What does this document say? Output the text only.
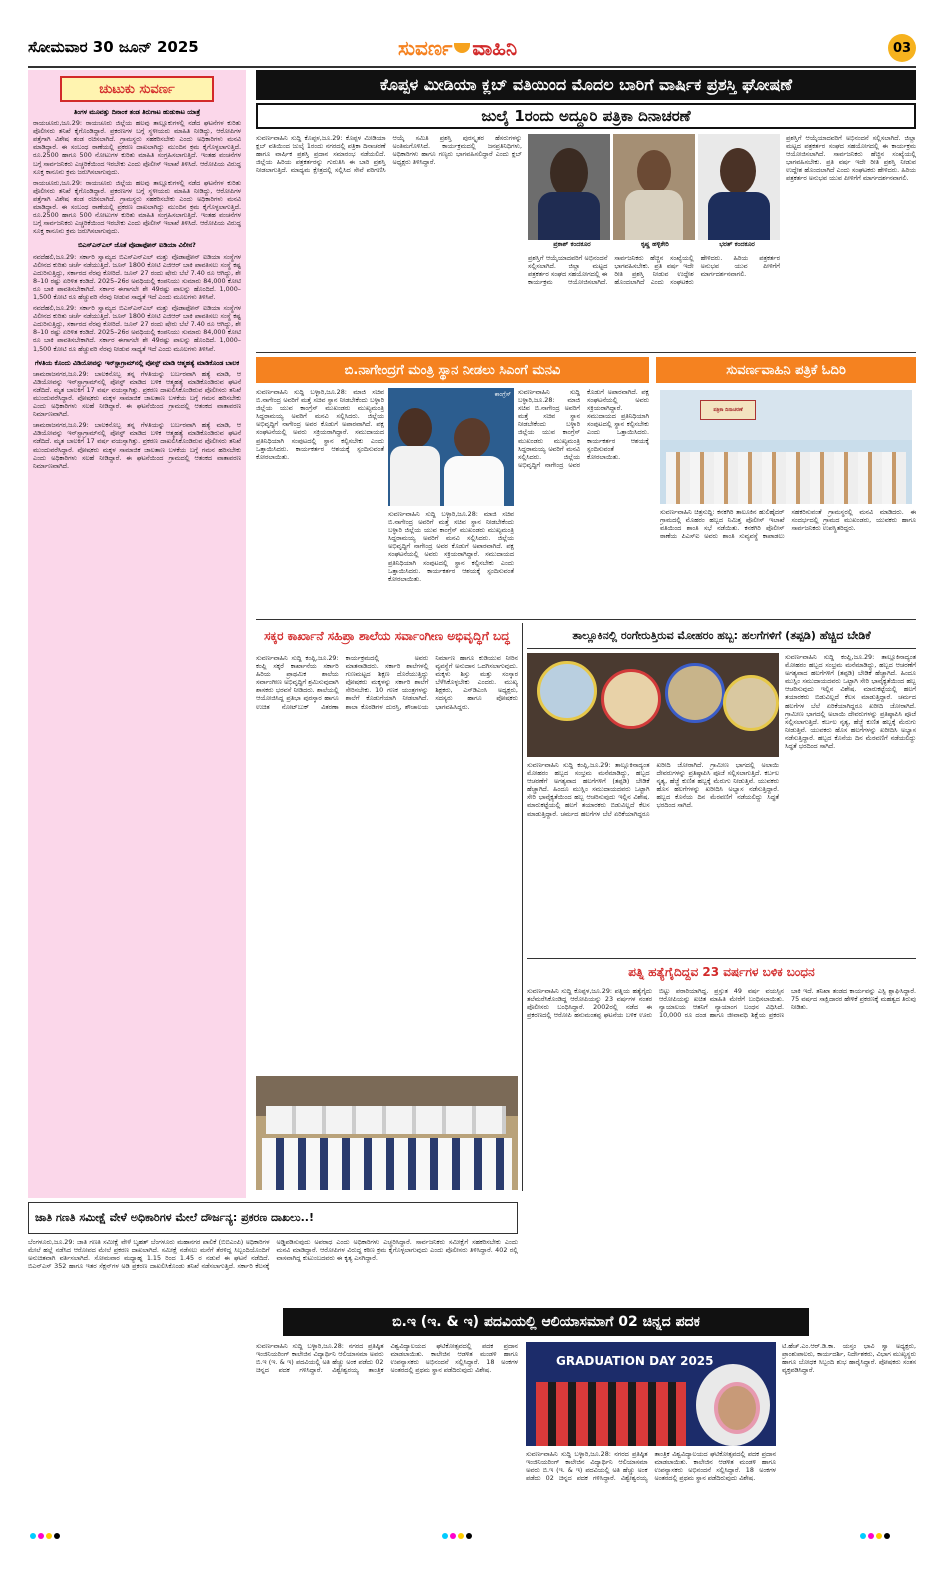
ಸೋಮವಾರ 30 ಜೂನ್ 2025	ಸುವರ್ಣ ವಾಹಿನಿ	03
ಚುಟುಕು ಸುವರ್ಣ

ತಿಂಗಳ ಮೂವತ್ತು ದಿನಾಂಕ ತಂಡ ತಿರುಗಾಟ ಹುಡುಕಾಟ ಯಾತ್ರೆ

ರಾಯಚೂರು,ಜೂ.29: ರಾಯಚೂರು ಜಿಲ್ಲೆಯ ಹಲವು ತಾಲ್ಲೂಕುಗಳಲ್ಲಿ ನಡೆದ ಘಟನೆಗಳ ಕುರಿತು ಪೊಲೀಸರು ತನಿಖೆ ಕೈಗೊಂಡಿದ್ದಾರೆ. ಪ್ರಕರಣಗಳ ಬಗ್ಗೆ ಸ್ಥಳೀಯರು ಮಾಹಿತಿ ನೀಡಿದ್ದು, ಆರೋಪಿಗಳ ಪತ್ತೆಗಾಗಿ ವಿಶೇಷ ತಂಡ ರಚಿಸಲಾಗಿದೆ. ಗ್ರಾಮಸ್ಥರು ಸಹಕರಿಸಬೇಕು ಎಂದು ಅಧಿಕಾರಿಗಳು ಮನವಿ ಮಾಡಿದ್ದಾರೆ. ಈ ಸಂಬಂಧ ಠಾಣೆಯಲ್ಲಿ ಪ್ರಕರಣ ದಾಖಲಾಗಿದ್ದು ಮುಂದಿನ ಕ್ರಮ ಕೈಗೊಳ್ಳಲಾಗುತ್ತಿದೆ. ರೂ.2500 ಹಾಗೂ 500 ನೋಟುಗಳ ಕುರಿತು ಮಾಹಿತಿ ಸಂಗ್ರಹಿಸಲಾಗುತ್ತಿದೆ. ಇಂತಹ ವಂಚನೆಗಳ ಬಗ್ಗೆ ಸಾರ್ವಜನಿಕರು ಎಚ್ಚರಿಕೆಯಿಂದ ಇರಬೇಕು ಎಂದು ಪೊಲೀಸ್ ಇಲಾಖೆ ತಿಳಿಸಿದೆ. ಆರೋಪಿಯ ವಿರುದ್ಧ ಸೂಕ್ತ ಕಾನೂನು ಕ್ರಮ ಜರುಗಿಸಲಾಗುವುದು.

ರಾಯಚೂರು,ಜೂ.29: ರಾಯಚೂರು ಜಿಲ್ಲೆಯ ಹಲವು ತಾಲ್ಲೂಕುಗಳಲ್ಲಿ ನಡೆದ ಘಟನೆಗಳ ಕುರಿತು ಪೊಲೀಸರು ತನಿಖೆ ಕೈಗೊಂಡಿದ್ದಾರೆ. ಪ್ರಕರಣಗಳ ಬಗ್ಗೆ ಸ್ಥಳೀಯರು ಮಾಹಿತಿ ನೀಡಿದ್ದು, ಆರೋಪಿಗಳ ಪತ್ತೆಗಾಗಿ ವಿಶೇಷ ತಂಡ ರಚಿಸಲಾಗಿದೆ. ಗ್ರಾಮಸ್ಥರು ಸಹಕರಿಸಬೇಕು ಎಂದು ಅಧಿಕಾರಿಗಳು ಮನವಿ ಮಾಡಿದ್ದಾರೆ. ಈ ಸಂಬಂಧ ಠಾಣೆಯಲ್ಲಿ ಪ್ರಕರಣ ದಾಖಲಾಗಿದ್ದು ಮುಂದಿನ ಕ್ರಮ ಕೈಗೊಳ್ಳಲಾಗುತ್ತಿದೆ. ರೂ.2500 ಹಾಗೂ 500 ನೋಟುಗಳ ಕುರಿತು ಮಾಹಿತಿ ಸಂಗ್ರಹಿಸಲಾಗುತ್ತಿದೆ. ಇಂತಹ ವಂಚನೆಗಳ ಬಗ್ಗೆ ಸಾರ್ವಜನಿಕರು ಎಚ್ಚರಿಕೆಯಿಂದ ಇರಬೇಕು ಎಂದು ಪೊಲೀಸ್ ಇಲಾಖೆ ತಿಳಿಸಿದೆ. ಆರೋಪಿಯ ವಿರುದ್ಧ ಸೂಕ್ತ ಕಾನೂನು ಕ್ರಮ ಜರುಗಿಸಲಾಗುವುದು.

ಬಿಎಸ್‌ಎನ್‌ಎಲ್ ಜೊತೆ ವೊಡಾಫೋನ್ ಐಡಿಯಾ ವಿಲೀನ?

ನವದೆಹಲಿ,ಜೂ.29: ಸರ್ಕಾರಿ ಸ್ವಾಮ್ಯದ ಬಿಎಸ್‌ಎನ್‌ಎಲ್ ಮತ್ತು ವೊಡಾಫೋನ್ ಐಡಿಯಾ ಸಂಸ್ಥೆಗಳ ವಿಲೀನದ ಕುರಿತು ಚರ್ಚೆ ನಡೆಯುತ್ತಿದೆ. ಜೂನ್ 1800 ಕೋಟಿ ಎಜಿಆರ್ ಬಾಕಿ ಪಾವತಿಸಲು ಸಂಸ್ಥೆ ಕಷ್ಟ ಎದುರಿಸುತ್ತಿದ್ದು, ಸರ್ಕಾರದ ನೆರವು ಕೋರಿದೆ. ಜೂನ್ 27 ರಂದು ಷೇರು ಬೆಲೆ 7.40 ರೂ ಆಗಿದ್ದು, ಶೇ 8–10 ರಷ್ಟು ಏರಿಳಿತ ಕಂಡಿದೆ. 2025–26ರ ಅವಧಿಯಲ್ಲಿ ಕಂಪನಿಯು ಸುಮಾರು 84,000 ಕೋಟಿ ರೂ ಬಾಕಿ ಪಾವತಿಸಬೇಕಾಗಿದೆ. ಸರ್ಕಾರ ಈಗಾಗಲೇ ಶೇ 49ರಷ್ಟು ಪಾಲನ್ನು ಹೊಂದಿದೆ. 1,000–1,500 ಕೋಟಿ ರೂ ಹೆಚ್ಚುವರಿ ನೆರವು ನೀಡುವ ಸಾಧ್ಯತೆ ಇದೆ ಎಂದು ಮೂಲಗಳು ತಿಳಿಸಿವೆ.

ನವದೆಹಲಿ,ಜೂ.29: ಸರ್ಕಾರಿ ಸ್ವಾಮ್ಯದ ಬಿಎಸ್‌ಎನ್‌ಎಲ್ ಮತ್ತು ವೊಡಾಫೋನ್ ಐಡಿಯಾ ಸಂಸ್ಥೆಗಳ ವಿಲೀನದ ಕುರಿತು ಚರ್ಚೆ ನಡೆಯುತ್ತಿದೆ. ಜೂನ್ 1800 ಕೋಟಿ ಎಜಿಆರ್ ಬಾಕಿ ಪಾವತಿಸಲು ಸಂಸ್ಥೆ ಕಷ್ಟ ಎದುರಿಸುತ್ತಿದ್ದು, ಸರ್ಕಾರದ ನೆರವು ಕೋರಿದೆ. ಜೂನ್ 27 ರಂದು ಷೇರು ಬೆಲೆ 7.40 ರೂ ಆಗಿದ್ದು, ಶೇ 8–10 ರಷ್ಟು ಏರಿಳಿತ ಕಂಡಿದೆ. 2025–26ರ ಅವಧಿಯಲ್ಲಿ ಕಂಪನಿಯು ಸುಮಾರು 84,000 ಕೋಟಿ ರೂ ಬಾಕಿ ಪಾವತಿಸಬೇಕಾಗಿದೆ. ಸರ್ಕಾರ ಈಗಾಗಲೇ ಶೇ 49ರಷ್ಟು ಪಾಲನ್ನು ಹೊಂದಿದೆ. 1,000–1,500 ಕೋಟಿ ರೂ ಹೆಚ್ಚುವರಿ ನೆರವು ನೀಡುವ ಸಾಧ್ಯತೆ ಇದೆ ಎಂದು ಮೂಲಗಳು ತಿಳಿಸಿವೆ.

ಗೆಳತಿಯ ಕೊಂದು ವಿಡಿಯೋವನ್ನು ಇನ್‌ಸ್ಟಾಗ್ರಾಮ್‌ನಲ್ಲಿ ಪೋಸ್ಟ್ ಮಾಡಿ ಆತ್ಮಹತ್ಯೆ ಮಾಡಿಕೊಂಡ ಬಾಲಕ

ಚಾಮರಾಜನಗರ,ಜೂ.29: ಬಾಲಕನೊಬ್ಬ ತನ್ನ ಗೆಳತಿಯನ್ನು ಬರ್ಬರವಾಗಿ ಹತ್ಯೆ ಮಾಡಿ, ಆ ವಿಡಿಯೋವನ್ನು ಇನ್‌ಸ್ಟಾಗ್ರಾಮ್‌ನಲ್ಲಿ ಪೋಸ್ಟ್ ಮಾಡಿದ ಬಳಿಕ ಆತ್ಮಹತ್ಯೆ ಮಾಡಿಕೊಂಡಿರುವ ಘಟನೆ ನಡೆದಿದೆ. ಮೃತ ಬಾಲಕಿಗೆ 17 ವರ್ಷ ವಯಸ್ಸಾಗಿತ್ತು. ಪ್ರಕರಣ ದಾಖಲಿಸಿಕೊಂಡಿರುವ ಪೊಲೀಸರು ತನಿಖೆ ಮುಂದುವರೆಸಿದ್ದಾರೆ. ಪೋಷಕರು ಮಕ್ಕಳ ಸಾಮಾಜಿಕ ಜಾಲತಾಣ ಬಳಕೆಯ ಬಗ್ಗೆ ಗಮನ ಹರಿಸಬೇಕು ಎಂದು ಅಧಿಕಾರಿಗಳು ಸಲಹೆ ನೀಡಿದ್ದಾರೆ. ಈ ಘಟನೆಯಿಂದ ಗ್ರಾಮದಲ್ಲಿ ಆತಂಕದ ವಾತಾವರಣ ನಿರ್ಮಾಣವಾಗಿದೆ.

ಚಾಮರಾಜನಗರ,ಜೂ.29: ಬಾಲಕನೊಬ್ಬ ತನ್ನ ಗೆಳತಿಯನ್ನು ಬರ್ಬರವಾಗಿ ಹತ್ಯೆ ಮಾಡಿ, ಆ ವಿಡಿಯೋವನ್ನು ಇನ್‌ಸ್ಟಾಗ್ರಾಮ್‌ನಲ್ಲಿ ಪೋಸ್ಟ್ ಮಾಡಿದ ಬಳಿಕ ಆತ್ಮಹತ್ಯೆ ಮಾಡಿಕೊಂಡಿರುವ ಘಟನೆ ನಡೆದಿದೆ. ಮೃತ ಬಾಲಕಿಗೆ 17 ವರ್ಷ ವಯಸ್ಸಾಗಿತ್ತು. ಪ್ರಕರಣ ದಾಖಲಿಸಿಕೊಂಡಿರುವ ಪೊಲೀಸರು ತನಿಖೆ ಮುಂದುವರೆಸಿದ್ದಾರೆ. ಪೋಷಕರು ಮಕ್ಕಳ ಸಾಮಾಜಿಕ ಜಾಲತಾಣ ಬಳಕೆಯ ಬಗ್ಗೆ ಗಮನ ಹರಿಸಬೇಕು ಎಂದು ಅಧಿಕಾರಿಗಳು ಸಲಹೆ ನೀಡಿದ್ದಾರೆ. ಈ ಘಟನೆಯಿಂದ ಗ್ರಾಮದಲ್ಲಿ ಆತಂಕದ ವಾತಾವರಣ ನಿರ್ಮಾಣವಾಗಿದೆ.

ಕೊಪ್ಪಳ ಮೀಡಿಯಾ ಕ್ಲಬ್ ವತಿಯಿಂದ ಮೊದಲ ಬಾರಿಗೆ ವಾರ್ಷಿಕ ಪ್ರಶಸ್ತಿ ಘೋಷಣೆ
ಜುಲೈ 1ರಂದು ಅದ್ದೂರಿ ಪತ್ರಿಕಾ ದಿನಾಚರಣೆ
ಸುವರ್ಣವಾಹಿನಿ ಸುದ್ದಿ ಕೊಪ್ಪಳ,ಜೂ.29: ಕೊಪ್ಪಳ ಮೀಡಿಯಾ ಕ್ಲಬ್ ವತಿಯಿಂದ ಜುಲೈ 1ರಂದು ನಗರದಲ್ಲಿ ಪತ್ರಿಕಾ ದಿನಾಚರಣೆ ಹಾಗೂ ವಾರ್ಷಿಕ ಪ್ರಶಸ್ತಿ ಪ್ರದಾನ ಸಮಾರಂಭ ನಡೆಯಲಿದೆ. ಜಿಲ್ಲೆಯ ಹಿರಿಯ ಪತ್ರಕರ್ತರನ್ನು ಗುರುತಿಸಿ ಈ ಬಾರಿ ಪ್ರಶಸ್ತಿ ನೀಡಲಾಗುತ್ತಿದೆ. ಮಾಧ್ಯಮ ಕ್ಷೇತ್ರದಲ್ಲಿ ಸಲ್ಲಿಸಿದ ಸೇವೆ ಪರಿಗಣಿಸಿ ಆಯ್ಕೆ ಸಮಿತಿ ಪ್ರಶಸ್ತಿ ಪುರಸ್ಕೃತರ ಹೆಸರುಗಳನ್ನು ಅಂತಿಮಗೊಳಿಸಿದೆ. ಕಾರ್ಯಕ್ರಮದಲ್ಲಿ ಜನಪ್ರತಿನಿಧಿಗಳು, ಅಧಿಕಾರಿಗಳು ಹಾಗೂ ಗಣ್ಯರು ಭಾಗವಹಿಸಲಿದ್ದಾರೆ ಎಂದು ಕ್ಲಬ್ ಅಧ್ಯಕ್ಷರು ತಿಳಿಸಿದ್ದಾರೆ.
ಪ್ರಕಾಶ್ ಕಂದಕೂರ	ಕೃಷ್ಣ ಹಳ್ಳಿಕೇರಿ	ಭರತ್ ಕಂದಕೂರ
ಪ್ರಶಸ್ತಿಗೆ ಆಯ್ಕೆಯಾದವರಿಗೆ ಅಭಿನಂದನೆ ಸಲ್ಲಿಸಲಾಗಿದೆ. ಜಿಲ್ಲಾ ಮಟ್ಟದ ಪತ್ರಕರ್ತರ ಸಂಘದ ಸಹಯೋಗದಲ್ಲಿ ಈ ಕಾರ್ಯಕ್ರಮ ಆಯೋಜಿಸಲಾಗಿದೆ. ಸಾರ್ವಜನಿಕರು ಹೆಚ್ಚಿನ ಸಂಖ್ಯೆಯಲ್ಲಿ ಭಾಗವಹಿಸಬೇಕು. ಪ್ರತಿ ವರ್ಷ ಇದೇ ರೀತಿ ಪ್ರಶಸ್ತಿ ನೀಡುವ ಉದ್ದೇಶ ಹೊಂದಲಾಗಿದೆ ಎಂದು ಸಂಘಟಕರು ಹೇಳಿದರು. ಹಿರಿಯ ಪತ್ರಕರ್ತರ ಅನುಭವ ಯುವ ಪೀಳಿಗೆಗೆ ಮಾರ್ಗದರ್ಶನವಾಗಲಿ.
ಪ್ರಶಸ್ತಿಗೆ ಆಯ್ಕೆಯಾದವರಿಗೆ ಅಭಿನಂದನೆ ಸಲ್ಲಿಸಲಾಗಿದೆ. ಜಿಲ್ಲಾ ಮಟ್ಟದ ಪತ್ರಕರ್ತರ ಸಂಘದ ಸಹಯೋಗದಲ್ಲಿ ಈ ಕಾರ್ಯಕ್ರಮ ಆಯೋಜಿಸಲಾಗಿದೆ. ಸಾರ್ವಜನಿಕರು ಹೆಚ್ಚಿನ ಸಂಖ್ಯೆಯಲ್ಲಿ ಭಾಗವಹಿಸಬೇಕು. ಪ್ರತಿ ವರ್ಷ ಇದೇ ರೀತಿ ಪ್ರಶಸ್ತಿ ನೀಡುವ ಉದ್ದೇಶ ಹೊಂದಲಾಗಿದೆ ಎಂದು ಸಂಘಟಕರು ಹೇಳಿದರು. ಹಿರಿಯ ಪತ್ರಕರ್ತರ ಅನುಭವ ಯುವ ಪೀಳಿಗೆಗೆ ಮಾರ್ಗದರ್ಶನವಾಗಲಿ.
ಬಿ.ನಾಗೇಂದ್ರಗೆ ಮಂತ್ರಿ ಸ್ಥಾನ ನೀಡಲು ಸಿಎಂಗೆ ಮನವಿ
ಸುವರ್ಣವಾಹಿನಿ ಸುದ್ದಿ ಬಳ್ಳಾರಿ,ಜೂ.28: ಮಾಜಿ ಸಚಿವ ಬಿ.ನಾಗೇಂದ್ರ ಅವರಿಗೆ ಮತ್ತೆ ಸಚಿವ ಸ್ಥಾನ ನೀಡಬೇಕೆಂದು ಬಳ್ಳಾರಿ ಜಿಲ್ಲೆಯ ಯುವ ಕಾಂಗ್ರೆಸ್ ಮುಖಂಡರು ಮುಖ್ಯಮಂತ್ರಿ ಸಿದ್ದರಾಮಯ್ಯ ಅವರಿಗೆ ಮನವಿ ಸಲ್ಲಿಸಿದರು. ಜಿಲ್ಲೆಯ ಅಭಿವೃದ್ಧಿಗೆ ನಾಗೇಂದ್ರ ಅವರ ಕೊಡುಗೆ ಅಪಾರವಾಗಿದೆ. ಪಕ್ಷ ಸಂಘಟನೆಯಲ್ಲಿ ಅವರು ಸಕ್ರಿಯರಾಗಿದ್ದಾರೆ. ಸಮುದಾಯದ ಪ್ರತಿನಿಧಿಯಾಗಿ ಸಂಪುಟದಲ್ಲಿ ಸ್ಥಾನ ಕಲ್ಪಿಸಬೇಕು ಎಂದು ಒತ್ತಾಯಿಸಿದರು. ಕಾರ್ಯಕರ್ತರ ಆಶಯಕ್ಕೆ ಸ್ಪಂದಿಸುವಂತೆ ಕೋರಲಾಯಿತು.
ಕಾಂಗ್ರೆಸ್
ಸುವರ್ಣವಾಹಿನಿ ಸುದ್ದಿ ಬಳ್ಳಾರಿ,ಜೂ.28: ಮಾಜಿ ಸಚಿವ ಬಿ.ನಾಗೇಂದ್ರ ಅವರಿಗೆ ಮತ್ತೆ ಸಚಿವ ಸ್ಥಾನ ನೀಡಬೇಕೆಂದು ಬಳ್ಳಾರಿ ಜಿಲ್ಲೆಯ ಯುವ ಕಾಂಗ್ರೆಸ್ ಮುಖಂಡರು ಮುಖ್ಯಮಂತ್ರಿ ಸಿದ್ದರಾಮಯ್ಯ ಅವರಿಗೆ ಮನವಿ ಸಲ್ಲಿಸಿದರು. ಜಿಲ್ಲೆಯ ಅಭಿವೃದ್ಧಿಗೆ ನಾಗೇಂದ್ರ ಅವರ ಕೊಡುಗೆ ಅಪಾರವಾಗಿದೆ. ಪಕ್ಷ ಸಂಘಟನೆಯಲ್ಲಿ ಅವರು ಸಕ್ರಿಯರಾಗಿದ್ದಾರೆ. ಸಮುದಾಯದ ಪ್ರತಿನಿಧಿಯಾಗಿ ಸಂಪುಟದಲ್ಲಿ ಸ್ಥಾನ ಕಲ್ಪಿಸಬೇಕು ಎಂದು ಒತ್ತಾಯಿಸಿದರು. ಕಾರ್ಯಕರ್ತರ ಆಶಯಕ್ಕೆ ಸ್ಪಂದಿಸುವಂತೆ ಕೋರಲಾಯಿತು.
ಸುವರ್ಣವಾಹಿನಿ ಸುದ್ದಿ ಬಳ್ಳಾರಿ,ಜೂ.28: ಮಾಜಿ ಸಚಿವ ಬಿ.ನಾಗೇಂದ್ರ ಅವರಿಗೆ ಮತ್ತೆ ಸಚಿವ ಸ್ಥಾನ ನೀಡಬೇಕೆಂದು ಬಳ್ಳಾರಿ ಜಿಲ್ಲೆಯ ಯುವ ಕಾಂಗ್ರೆಸ್ ಮುಖಂಡರು ಮುಖ್ಯಮಂತ್ರಿ ಸಿದ್ದರಾಮಯ್ಯ ಅವರಿಗೆ ಮನವಿ ಸಲ್ಲಿಸಿದರು. ಜಿಲ್ಲೆಯ ಅಭಿವೃದ್ಧಿಗೆ ನಾಗೇಂದ್ರ ಅವರ ಕೊಡುಗೆ ಅಪಾರವಾಗಿದೆ. ಪಕ್ಷ ಸಂಘಟನೆಯಲ್ಲಿ ಅವರು ಸಕ್ರಿಯರಾಗಿದ್ದಾರೆ. ಸಮುದಾಯದ ಪ್ರತಿನಿಧಿಯಾಗಿ ಸಂಪುಟದಲ್ಲಿ ಸ್ಥಾನ ಕಲ್ಪಿಸಬೇಕು ಎಂದು ಒತ್ತಾಯಿಸಿದರು. ಕಾರ್ಯಕರ್ತರ ಆಶಯಕ್ಕೆ ಸ್ಪಂದಿಸುವಂತೆ ಕೋರಲಾಯಿತು.
ಸುವರ್ಣವಾಹಿನಿ ಪತ್ರಿಕೆ ಓದಿರಿ
ಪತ್ರಿಕಾ ದಿನಾಚರಣೆ
ಸುವರ್ಣವಾಹಿನಿ ಚಿತ್ರಸುದ್ದಿ: ಕನಕಗಿರಿ ತಾಲೂಕಿನ ಹುಲಿಹೈದರ್ ಗ್ರಾಮದಲ್ಲಿ ಮೊಹರಂ ಹಬ್ಬದ ನಿಮಿತ್ತ ಪೊಲೀಸ್ ಇಲಾಖೆ ವತಿಯಿಂದ ಶಾಂತಿ ಸಭೆ ನಡೆಯಿತು. ಕನಕಗಿರಿ ಪೊಲೀಸ್ ಠಾಣೆಯ ಪಿಎಸ್ಐ ಅವರು ಶಾಂತಿ ಸುವ್ಯವಸ್ಥೆ ಕಾಪಾಡಲು ಸಹಕರಿಸುವಂತೆ ಗ್ರಾಮಸ್ಥರಲ್ಲಿ ಮನವಿ ಮಾಡಿದರು. ಈ ಸಂದರ್ಭದಲ್ಲಿ ಗ್ರಾಮದ ಮುಖಂಡರು, ಯುವಕರು ಹಾಗೂ ಸಾರ್ವಜನಿಕರು ಉಪಸ್ಥಿತರಿದ್ದರು.
ಸಕ್ಕರ ಕಾರ್ಖಾನೆ ಸಹಿಪ್ರಾ ಶಾಲೆಯ ಸರ್ವಾಂಗೀಣ ಅಭಿವೃದ್ಧಿಗೆ ಬದ್ಧ
ಸುವರ್ಣವಾಹಿನಿ ಸುದ್ದಿ ಕಂಪ್ಲಿ,ಜೂ.29: ಕಂಪ್ಲಿ ಸಕ್ಕರೆ ಕಾರ್ಖಾನೆಯ ಸರ್ಕಾರಿ ಹಿರಿಯ ಪ್ರಾಥಮಿಕ ಶಾಲೆಯ ಸರ್ವಾಂಗೀಣ ಅಭಿವೃದ್ಧಿಗೆ ಶ್ರಮಿಸುವುದಾಗಿ ಶಾಸಕರು ಭರವಸೆ ನೀಡಿದರು. ಶಾಲೆಯಲ್ಲಿ ಆಯೋಜಿಸಿದ್ದ ಪ್ರತಿಭಾ ಪುರಸ್ಕಾರ ಹಾಗೂ ಉಚಿತ ನೋಟ್‌ಬುಕ್ ವಿತರಣಾ ಕಾರ್ಯಕ್ರಮದಲ್ಲಿ ಅವರು ಮಾತನಾಡಿದರು. ಸರ್ಕಾರಿ ಶಾಲೆಗಳಲ್ಲಿ ಗುಣಮಟ್ಟದ ಶಿಕ್ಷಣ ದೊರೆಯುತ್ತಿದ್ದು ಪೋಷಕರು ಮಕ್ಕಳನ್ನು ಸರ್ಕಾರಿ ಶಾಲೆಗೆ ಸೇರಿಸಬೇಕು. 10 ಗಣಕ ಯಂತ್ರಗಳನ್ನು ಶಾಲೆಗೆ ಕೊಡುಗೆಯಾಗಿ ನೀಡಲಾಗಿದೆ. ಶಾಲಾ ಕೊಠಡಿಗಳ ದುರಸ್ತಿ, ಶೌಚಾಲಯ ನಿರ್ಮಾಣ ಹಾಗೂ ಕುಡಿಯುವ ನೀರಿನ ವ್ಯವಸ್ಥೆಗೆ ಅನುದಾನ ಒದಗಿಸಲಾಗುವುದು. ಮಕ್ಕಳು ಶಿಸ್ತು ಮತ್ತು ಸಂಸ್ಕಾರ ಬೆಳೆಸಿಕೊಳ್ಳಬೇಕು ಎಂದರು. ಮುಖ್ಯ ಶಿಕ್ಷಕರು, ಎಸ್‌ಡಿಎಂಸಿ ಅಧ್ಯಕ್ಷರು, ಸದಸ್ಯರು ಹಾಗೂ ಪೋಷಕರು ಭಾಗವಹಿಸಿದ್ದರು.
ತಾಲ್ಲೂಕಿನಲ್ಲಿ ರಂಗೇರುತ್ತಿರುವ ಮೋಹರಂ ಹಬ್ಬ: ಹಲಗೆಗಳಿಗೆ (ತಪ್ಪಡಿ) ಹೆಚ್ಚಿದ ಬೇಡಿಕೆ
ಸುವರ್ಣವಾಹಿನಿ ಸುದ್ದಿ ಕಂಪ್ಲಿ,ಜೂ.29: ತಾಲ್ಲೂಕಿನಾದ್ಯಂತ ಮೋಹರಂ ಹಬ್ಬದ ಸಂಭ್ರಮ ಮನೆಮಾಡಿದ್ದು, ಹಬ್ಬದ ಆಚರಣೆಗೆ ಅಗತ್ಯವಾದ ಹಲಗೆಗಳಿಗೆ (ತಪ್ಪಡಿ) ಬೇಡಿಕೆ ಹೆಚ್ಚಾಗಿದೆ. ಹಿಂದೂ ಮುಸ್ಲಿಂ ಸಮುದಾಯದವರು ಒಟ್ಟಾಗಿ ಸೇರಿ ಭಾವೈಕ್ಯತೆಯಿಂದ ಹಬ್ಬ ಆಚರಿಸುವುದು ಇಲ್ಲಿನ ವಿಶೇಷ. ಮಾರುಕಟ್ಟೆಯಲ್ಲಿ ಹಲಗೆ ತಯಾರಕರು ಬಿಡುವಿಲ್ಲದೆ ಕೆಲಸ ಮಾಡುತ್ತಿದ್ದಾರೆ. ಚರ್ಮದ ಹಲಗೆಗಳ ಬೆಲೆ ಏರಿಕೆಯಾಗಿದ್ದರೂ ಖರೀದಿ ಜೋರಾಗಿದೆ. ಗ್ರಾಮೀಣ ಭಾಗದಲ್ಲಿ ಅಲಾಯಿ ದೇವರುಗಳನ್ನು ಪ್ರತಿಷ್ಠಾಪಿಸಿ ಪೂಜೆ ಸಲ್ಲಿಸಲಾಗುತ್ತಿದೆ. ಕರ್ಬಲ ನೃತ್ಯ, ಹೆಜ್ಜೆ ಕುಣಿತ ಹಬ್ಬಕ್ಕೆ ಮೆರುಗು ನೀಡುತ್ತಿವೆ. ಯುವಕರು ಹೊಸ ಹಲಗೆಗಳನ್ನು ಖರೀದಿಸಿ ಅಭ್ಯಾಸ ನಡೆಸುತ್ತಿದ್ದಾರೆ. ಹಬ್ಬದ ಕೊನೆಯ ದಿನ ಮೆರವಣಿಗೆ ನಡೆಯಲಿದ್ದು ಸಿದ್ಧತೆ ಭರದಿಂದ ಸಾಗಿದೆ.
ಸುವರ್ಣವಾಹಿನಿ ಸುದ್ದಿ ಕಂಪ್ಲಿ,ಜೂ.29: ತಾಲ್ಲೂಕಿನಾದ್ಯಂತ ಮೋಹರಂ ಹಬ್ಬದ ಸಂಭ್ರಮ ಮನೆಮಾಡಿದ್ದು, ಹಬ್ಬದ ಆಚರಣೆಗೆ ಅಗತ್ಯವಾದ ಹಲಗೆಗಳಿಗೆ (ತಪ್ಪಡಿ) ಬೇಡಿಕೆ ಹೆಚ್ಚಾಗಿದೆ. ಹಿಂದೂ ಮುಸ್ಲಿಂ ಸಮುದಾಯದವರು ಒಟ್ಟಾಗಿ ಸೇರಿ ಭಾವೈಕ್ಯತೆಯಿಂದ ಹಬ್ಬ ಆಚರಿಸುವುದು ಇಲ್ಲಿನ ವಿಶೇಷ. ಮಾರುಕಟ್ಟೆಯಲ್ಲಿ ಹಲಗೆ ತಯಾರಕರು ಬಿಡುವಿಲ್ಲದೆ ಕೆಲಸ ಮಾಡುತ್ತಿದ್ದಾರೆ. ಚರ್ಮದ ಹಲಗೆಗಳ ಬೆಲೆ ಏರಿಕೆಯಾಗಿದ್ದರೂ ಖರೀದಿ ಜೋರಾಗಿದೆ. ಗ್ರಾಮೀಣ ಭಾಗದಲ್ಲಿ ಅಲಾಯಿ ದೇವರುಗಳನ್ನು ಪ್ರತಿಷ್ಠಾಪಿಸಿ ಪೂಜೆ ಸಲ್ಲಿಸಲಾಗುತ್ತಿದೆ. ಕರ್ಬಲ ನೃತ್ಯ, ಹೆಜ್ಜೆ ಕುಣಿತ ಹಬ್ಬಕ್ಕೆ ಮೆರುಗು ನೀಡುತ್ತಿವೆ. ಯುವಕರು ಹೊಸ ಹಲಗೆಗಳನ್ನು ಖರೀದಿಸಿ ಅಭ್ಯಾಸ ನಡೆಸುತ್ತಿದ್ದಾರೆ. ಹಬ್ಬದ ಕೊನೆಯ ದಿನ ಮೆರವಣಿಗೆ ನಡೆಯಲಿದ್ದು ಸಿದ್ಧತೆ ಭರದಿಂದ ಸಾಗಿದೆ.
ಪತ್ನಿ ಹತ್ಯೆಗೈದಿದ್ದವ 23 ವರ್ಷಗಳ ಬಳಿಕ ಬಂಧನ
ಸುವರ್ಣವಾಹಿನಿ ಸುದ್ದಿ ಕೊಪ್ಪಳ,ಜೂ.29: ಪತ್ನಿಯ ಹತ್ಯೆಗೈದು ತಲೆಮರೆಸಿಕೊಂಡಿದ್ದ ಆರೋಪಿಯನ್ನು 23 ವರ್ಷಗಳ ನಂತರ ಪೊಲೀಸರು ಬಂಧಿಸಿದ್ದಾರೆ. 2002ರಲ್ಲಿ ನಡೆದ ಈ ಪ್ರಕರಣದಲ್ಲಿ ಆರೋಪಿ ಹನುಮಂತಪ್ಪ ಘಟನೆಯ ಬಳಿಕ ಊರು ಬಿಟ್ಟು ಪರಾರಿಯಾಗಿದ್ದ. ಪ್ರಸ್ತುತ 49 ವರ್ಷ ವಯಸ್ಸಿನ ಆರೋಪಿಯನ್ನು ಖಚಿತ ಮಾಹಿತಿ ಮೇರೆಗೆ ಬಂಧಿಸಲಾಯಿತು. ನ್ಯಾಯಾಲಯ ಆತನಿಗೆ ನ್ಯಾಯಾಂಗ ಬಂಧನ ವಿಧಿಸಿದೆ. 10,000 ರೂ ದಂಡ ಹಾಗೂ ಜೀವಾವಧಿ ಶಿಕ್ಷೆಯ ಪ್ರಕರಣ ಬಾಕಿ ಇದೆ. ತನಿಖಾ ತಂಡದ ಕಾರ್ಯವನ್ನು ಎಸ್ಪಿ ಶ್ಲಾಘಿಸಿದ್ದಾರೆ. 75 ವರ್ಷದ ಸಾಕ್ಷಿದಾರರ ಹೇಳಿಕೆ ಪ್ರಕರಣಕ್ಕೆ ಮಹತ್ವದ ತಿರುವು ನೀಡಿತು.
ಜಾತಿ ಗಣತಿ ಸಮೀಕ್ಷೆ ವೇಳೆ ಅಧಿಕಾರಿಗಳ ಮೇಲೆ ದೌರ್ಜನ್ಯ: ಪ್ರಕರಣ ದಾಖಲು..!
ಬೆಂಗಳೂರು,ಜೂ.29: ಜಾತಿ ಗಣತಿ ಸಮೀಕ್ಷೆ ವೇಳೆ ಬೃಹತ್ ಬೆಂಗಳೂರು ಮಹಾನಗರ ಪಾಲಿಕೆ (ಬಿಬಿಎಂಪಿ) ಅಧಿಕಾರಿಗಳ ಮೇಲೆ ಹಲ್ಲೆ ನಡೆಸಿದ ಆರೋಪದ ಮೇಲೆ ಪ್ರಕರಣ ದಾಖಲಾಗಿದೆ. ಸಮೀಕ್ಷೆ ನಡೆಸಲು ಮನೆಗೆ ತೆರಳಿದ್ದ ಸಿಬ್ಬಂದಿಯೊಂದಿಗೆ ಅನುಚಿತವಾಗಿ ವರ್ತಿಸಲಾಗಿದೆ. ಸೋಮವಾರ ಮಧ್ಯಾಹ್ನ 1.15 ರಿಂದ 1.45 ರ ನಡುವೆ ಈ ಘಟನೆ ನಡೆದಿದೆ. ಬಿಎನ್‌ಎಸ್ 352 ಹಾಗೂ ಇತರ ಸೆಕ್ಷನ್‌ಗಳ ಅಡಿ ಪ್ರಕರಣ ದಾಖಲಿಸಿಕೊಂಡು ತನಿಖೆ ನಡೆಸಲಾಗುತ್ತಿದೆ. ಸರ್ಕಾರಿ ಕೆಲಸಕ್ಕೆ ಅಡ್ಡಿಪಡಿಸುವುದು ಅಪರಾಧ ಎಂದು ಅಧಿಕಾರಿಗಳು ಎಚ್ಚರಿಸಿದ್ದಾರೆ. ಸಾರ್ವಜನಿಕರು ಸಮೀಕ್ಷೆಗೆ ಸಹಕರಿಸಬೇಕು ಎಂದು ಮನವಿ ಮಾಡಿದ್ದಾರೆ. ಆರೋಪಿಗಳ ವಿರುದ್ಧ ಕಠಿಣ ಕ್ರಮ ಕೈಗೊಳ್ಳಲಾಗುವುದು ಎಂದು ಪೊಲೀಸರು ತಿಳಿಸಿದ್ದಾರೆ. 402 ರಲ್ಲಿ ವಾಸವಾಗಿದ್ದ ಕುಟುಂಬದವರು ಈ ಕೃತ್ಯ ಎಸಗಿದ್ದಾರೆ.
ಬಿ.ಇ (ಇ. & ಇ) ಪದವಿಯಲ್ಲಿ ಆಲಿಯಾಸಮಾಗೆ 02 ಚಿನ್ನದ ಪದಕ
ಸುವರ್ಣವಾಹಿನಿ ಸುದ್ದಿ ಬಳ್ಳಾರಿ,ಜೂ.28: ನಗರದ ಪ್ರತಿಷ್ಠಿತ ಇಂಜಿನಿಯರಿಂಗ್ ಕಾಲೇಜಿನ ವಿದ್ಯಾರ್ಥಿನಿ ಆಲಿಯಾಸಮಾ ಅವರು ಬಿ.ಇ (ಇ. & ಇ) ಪದವಿಯಲ್ಲಿ ಅತಿ ಹೆಚ್ಚು ಅಂಕ ಪಡೆದು 02 ಚಿನ್ನದ ಪದಕ ಗಳಿಸಿದ್ದಾರೆ. ವಿಶ್ವೇಶ್ವರಯ್ಯ ತಾಂತ್ರಿಕ ವಿಶ್ವವಿದ್ಯಾಲಯದ ಘಟಿಕೋತ್ಸವದಲ್ಲಿ ಪದಕ ಪ್ರದಾನ ಮಾಡಲಾಯಿತು. ಕಾಲೇಜಿನ ಆಡಳಿತ ಮಂಡಳಿ ಹಾಗೂ ಉಪನ್ಯಾಸಕರು ಅಭಿನಂದನೆ ಸಲ್ಲಿಸಿದ್ದಾರೆ. 18 ಅಂಕಗಳ ಅಂತರದಲ್ಲಿ ಪ್ರಥಮ ಸ್ಥಾನ ಪಡೆದಿರುವುದು ವಿಶೇಷ.
GRADUATION DAY 2025
ಸುವರ್ಣವಾಹಿನಿ ಸುದ್ದಿ ಬಳ್ಳಾರಿ,ಜೂ.28: ನಗರದ ಪ್ರತಿಷ್ಠಿತ ಇಂಜಿನಿಯರಿಂಗ್ ಕಾಲೇಜಿನ ವಿದ್ಯಾರ್ಥಿನಿ ಆಲಿಯಾಸಮಾ ಅವರು ಬಿ.ಇ (ಇ. & ಇ) ಪದವಿಯಲ್ಲಿ ಅತಿ ಹೆಚ್ಚು ಅಂಕ ಪಡೆದು 02 ಚಿನ್ನದ ಪದಕ ಗಳಿಸಿದ್ದಾರೆ. ವಿಶ್ವೇಶ್ವರಯ್ಯ ತಾಂತ್ರಿಕ ವಿಶ್ವವಿದ್ಯಾಲಯದ ಘಟಿಕೋತ್ಸವದಲ್ಲಿ ಪದಕ ಪ್ರದಾನ ಮಾಡಲಾಯಿತು. ಕಾಲೇಜಿನ ಆಡಳಿತ ಮಂಡಳಿ ಹಾಗೂ ಉಪನ್ಯಾಸಕರು ಅಭಿನಂದನೆ ಸಲ್ಲಿಸಿದ್ದಾರೆ. 18 ಅಂಕಗಳ ಅಂತರದಲ್ಲಿ ಪ್ರಥಮ ಸ್ಥಾನ ಪಡೆದಿರುವುದು ವಿಶೇಷ.
ಟಿ.ಹೆಚ್.ಎಂ.ಆರ್.ಡಿ.ಕಾ. ಯಸ್ತಂ ಭಾವಿ ಸ್ವಾ ಅಧ್ಯಕ್ಷರು, ಪ್ರಾಂಶುಪಾಲರು, ಕಾರ್ಯದರ್ಶಿ, ನಿರ್ದೇಶಕರು, ವಿಭಾಗ ಮುಖ್ಯಸ್ಥರು ಹಾಗೂ ಬೋಧಕ ಸಿಬ್ಬಂದಿ ಶುಭ ಹಾರೈಸಿದ್ದಾರೆ. ಪೋಷಕರು ಸಂತಸ ವ್ಯಕ್ತಪಡಿಸಿದ್ದಾರೆ.
